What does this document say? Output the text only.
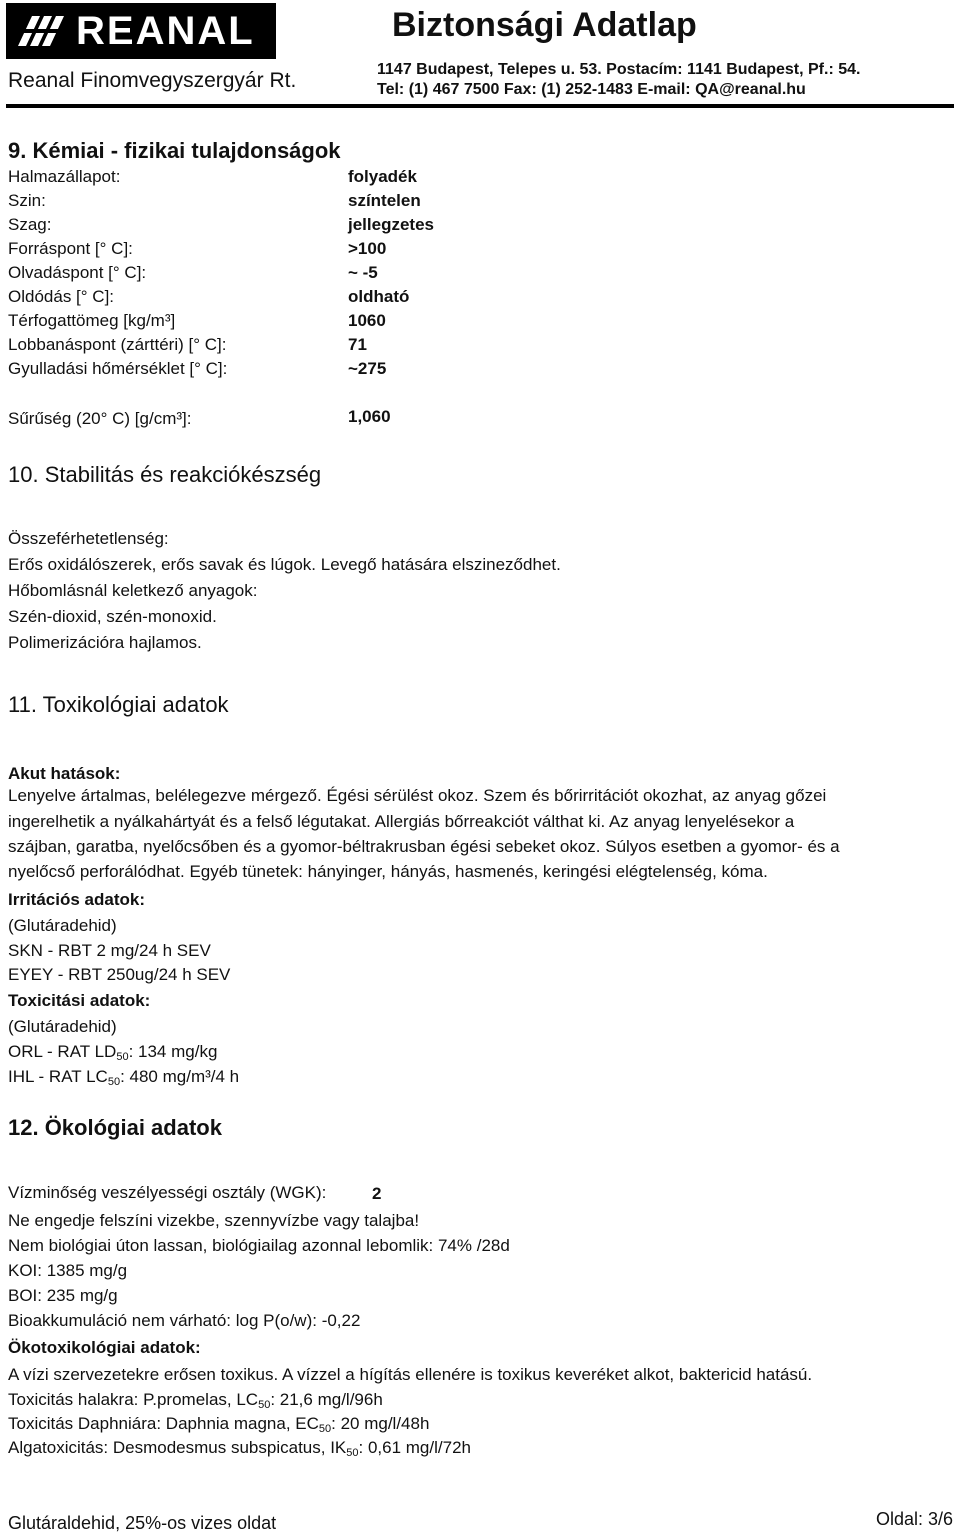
REANAL	Biztonsági Adatlap
Reanal Finomvegyszergyár Rt.	1147 Budapest, Telepes u. 53. Postacím: 1141 Budapest, Pf.: 54.
Tel: (1) 467 7500 Fax: (1) 252-1483 E-mail: QA@reanal.hu
9. Kémiai - fizikai tulajdonságok
Halmazállapot:	folyadék
Szin:	színtelen
Szag:	jellegzetes
Forráspont [° C]:	>100
Olvadáspont [° C]:	~ -5
Oldódás [° C]:	oldható
Térfogattömeg [kg/m³]	1060
Lobbanáspont (zárttéri) [° C]:	71
Gyulladási hőmérséklet [° C]:	~275
Sűrűség (20° C) [g/cm³]:	1,060
10. Stabilitás és reakciókészség
Összeférhetetlenség:
Erős oxidálószerek, erős savak és lúgok. Levegő hatására elszineződhet.
Hőbomlásnál keletkező anyagok:
Szén-dioxid, szén-monoxid.
Polimerizációra hajlamos.
11. Toxikológiai adatok
Akut hatások:
Lenyelve ártalmas, belélegezve mérgező. Égési sérülést okoz. Szem és bőrirritációt okozhat, az anyag gőzei
ingerelhetik a nyálkahártyát és a felső légutakat. Allergiás bőrreakciót válthat ki. Az anyag lenyelésekor a
szájban, garatba, nyelőcsőben és a gyomor-béltrakrusban égési sebeket okoz. Súlyos esetben a gyomor- és a
nyelőcső perforálódhat. Egyéb tünetek: hányinger, hányás, hasmenés, keringési elégtelenség, kóma.
Irritációs adatok:
(Glutáradehid)
SKN - RBT 2 mg/24 h SEV
EYEY - RBT 250ug/24 h SEV
Toxicitási adatok:
(Glutáradehid)
ORL - RAT $LD_{50}$: 134 mg/kg
IHL - RAT $LC_{50}$: 480 mg/m³/4 h
12. Ökológiai adatok
Vízminőség veszélyességi osztály (WGK):	2
Ne engedje felszíni vizekbe, szennyvízbe vagy talajba!
Nem biológiai úton lassan, biológiailag azonnal lebomlik: 74% /28d
KOI: 1385 mg/g
BOI: 235 mg/g
Bioakkumuláció nem várható: log P(o/w): -0,22
Ökotoxikológiai adatok:
A vízi szervezetekre erősen toxikus. A vízzel a hígítás ellenére is toxikus keveréket alkot, baktericid hatású.
Toxicitás halakra: P.promelas, $LC_{50}$: 21,6 mg/l/96h
Toxicitás Daphniára: Daphnia magna, $EC_{50}$: 20 mg/l/48h
Algatoxicitás: Desmodesmus subspicatus, $IK_{50}$: 0,61 mg/l/72h
Glutáraldehid, 25%-os vizes oldat	Oldal: 3/6
